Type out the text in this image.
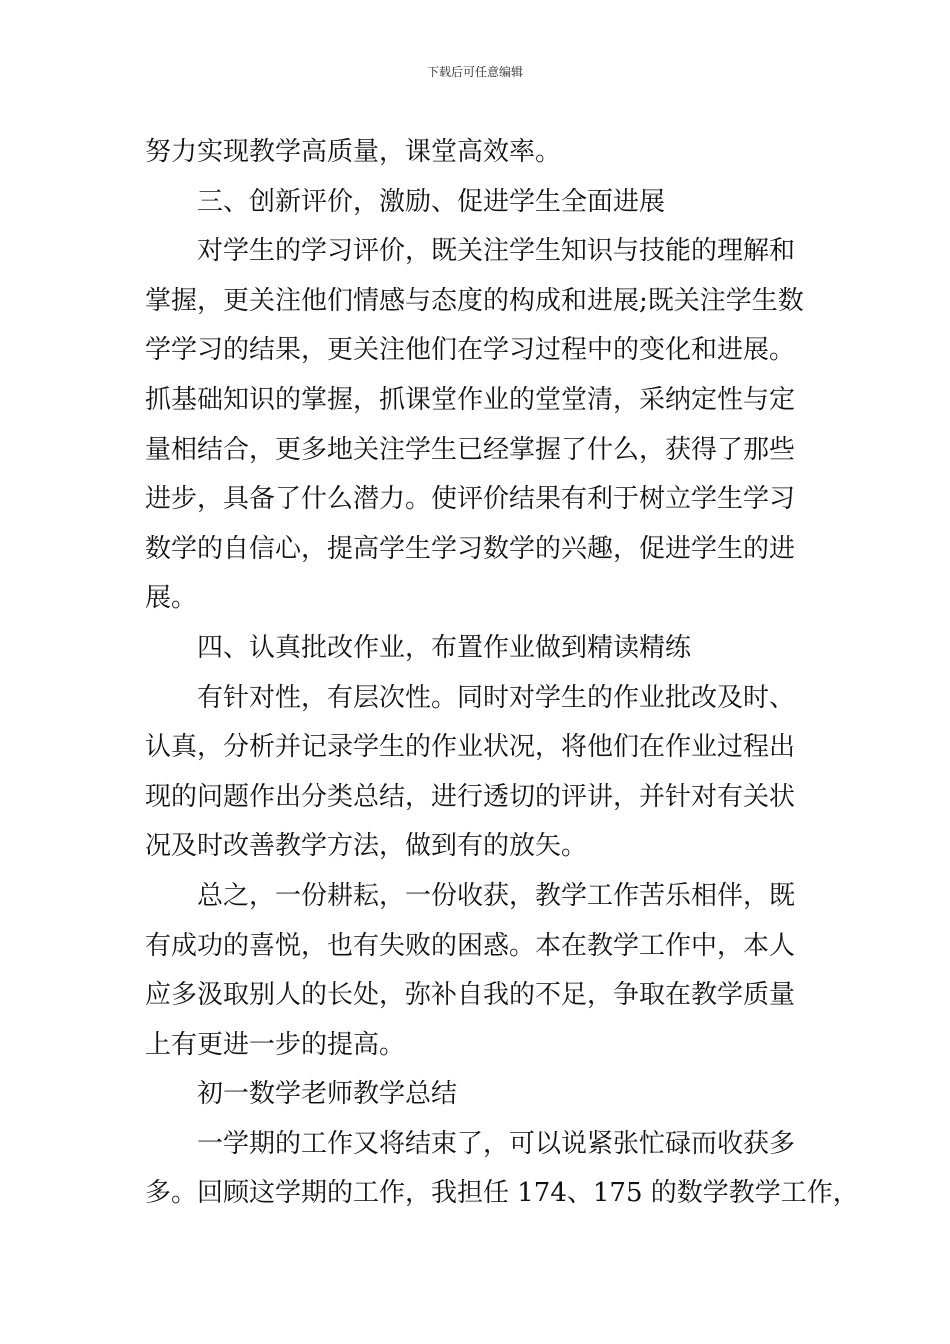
下载后可任意编辑
努力实现教学高质量，课堂高效率。
三、创新评价，激励、促进学生全面进展
对学生的学习评价，既关注学生知识与技能的理解和
掌握，更关注他们情感与态度的构成和进展;既关注学生数
学学习的结果，更关注他们在学习过程中的变化和进展。
抓基础知识的掌握，抓课堂作业的堂堂清，采纳定性与定
量相结合，更多地关注学生已经掌握了什么，获得了那些
进步，具备了什么潜力。使评价结果有利于树立学生学习
数学的自信心，提高学生学习数学的兴趣，促进学生的进
展。
四、认真批改作业，布置作业做到精读精练
有针对性，有层次性。同时对学生的作业批改及时、
认真，分析并记录学生的作业状况，将他们在作业过程出
现的问题作出分类总结，进行透切的评讲，并针对有关状
况及时改善教学方法，做到有的放矢。
总之，一份耕耘，一份收获，教学工作苦乐相伴，既
有成功的喜悦，也有失败的困惑。本在教学工作中，本人
应多汲取别人的长处，弥补自我的不足，争取在教学质量
上有更进一步的提高。
初一数学老师教学总结
一学期的工作又将结束了，可以说紧张忙碌而收获多
多。回顾这学期的工作，我担任 174、175 的数学教学工作，
